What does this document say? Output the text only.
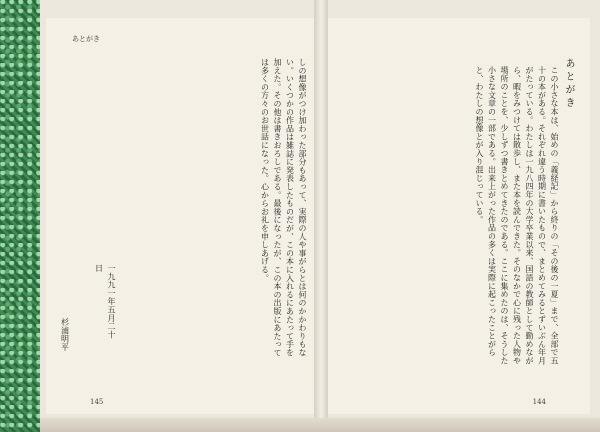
あとがき
しの想像がつけ加わった部分もあって、実際の人や事がらとは何のかかわりもない。いくつかの作品は雑誌に発表したものだが、この本に入れるにあたって手を加えた。その他は書きおろしである。最後になったが、この本の出版にあたっては多くの方々のお世話になった。心からお礼を申しあげる。
一九九一年五月二十日
杉浦明平
145
あとがき
この小さな本は、始めの「義経記」から終りの「その後の一夏」まで、全部で五十の本がある。それぞれ違う時期に書いたもので、まとめてみるとずいぶん年月がたっている。わたしは一九八四年の大学卒業以来、国語の教師として勤めながら、暇をみつけては散歩し、また本を読んできた。そのなかで心に残った人物や場所のことを、少しずつ書きとめてきたのである。ここに集めたのは、そうした小さな文章の一部である。出来上がった作品の多くは実際に起こったことがらと、わたしの想像とが入り混じっている。
144
